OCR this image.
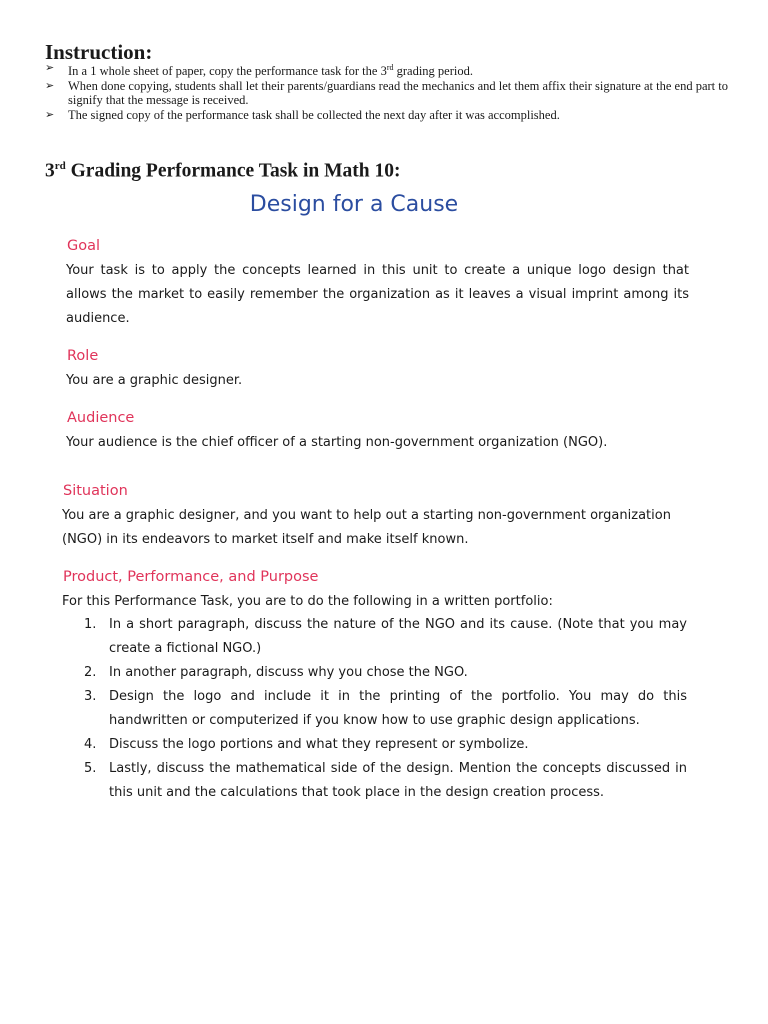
Instruction:
➢ In a 1 whole sheet of paper, copy the performance task for the 3rd grading period.
➢ When done copying, students shall let their parents/guardians read the mechanics and let them affix their signature at the end part to signify that the message is received.
➢ The signed copy of the performance task shall be collected the next day after it was accomplished.
3rd Grading Performance Task in Math 10:
Design for a Cause
Goal
Your task is to apply the concepts learned in this unit to create a unique logo design that allows the market to easily remember the organization as it leaves a visual imprint among its audience.
Role
You are a graphic designer.
Audience
Your audience is the chief officer of a starting non-government organization (NGO).
Situation
You are a graphic designer, and you want to help out a starting non-government organization (NGO) in its endeavors to market itself and make itself known.
Product, Performance, and Purpose
For this Performance Task, you are to do the following in a written portfolio:
1. In a short paragraph, discuss the nature of the NGO and its cause. (Note that you may create a fictional NGO.)
2. In another paragraph, discuss why you chose the NGO.
3. Design the logo and include it in the printing of the portfolio. You may do this handwritten or computerized if you know how to use graphic design applications.
4. Discuss the logo portions and what they represent or symbolize.
5. Lastly, discuss the mathematical side of the design. Mention the concepts discussed in this unit and the calculations that took place in the design creation process.
